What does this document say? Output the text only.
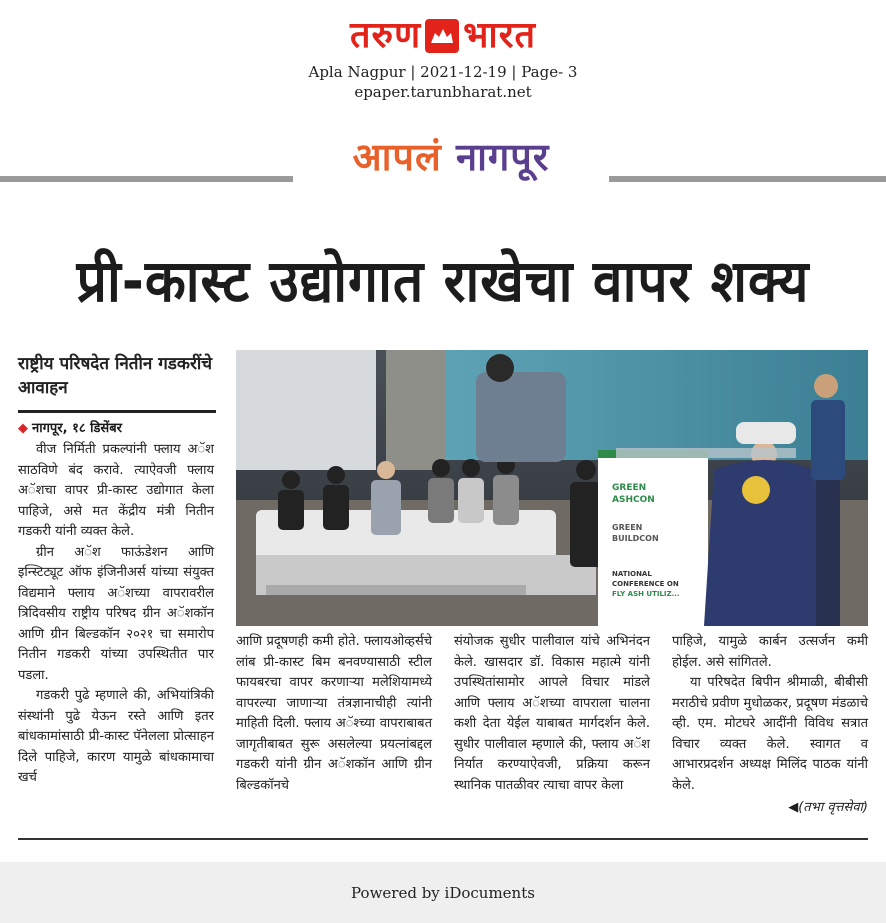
तरुण भारत
Apla Nagpur | 2021-12-19 | Page- 3
epaper.tarunbharat.net
आपलं नागपूर
प्री-कास्ट उद्योगात राखेचा वापर शक्य
राष्ट्रीय परिषदेत नितीन गडकरींचे आवाहन
◆ नागपूर, १८ डिसेंबर

वीज निर्मिती प्रकल्पांनी फ्लाय अॅश साठविणे बंद करावे. त्याऐवजी फ्लाय अॅशचा वापर प्री-कास्ट उद्योगात केला पाहिजे, असे मत केंद्रीय मंत्री नितीन गडकरी यांनी व्यक्त केले.

ग्रीन अॅश फाऊंडेशन आणि इन्स्टिट्यूट ऑफ इंजिनीअर्स यांच्या संयुक्त विद्यमाने फ्लाय अॅशच्या वापरावरील त्रिदिवसीय राष्ट्रीय परिषद ग्रीन अॅशकॉन आणि ग्रीन बिल्डकॉन २०२१ चा समारोप नितीन गडकरी यांच्या उपस्थितीत पार पडला.

गडकरी पुढे म्हणाले की, अभियांत्रिकी संस्थांनी पुढे येऊन रस्ते आणि इतर बांधकामांसाठी प्री-कास्ट पॅनेलला प्रोत्साहन दिले पाहिजे, कारण यामुळे बांधकामाचा खर्च

GREEN
ASHCON
GREEN
BUILDCON
NATIONAL
CONFERENCE ON
FLY ASH UTILIZ...

आणि प्रदूषणही कमी होते. फ्लायओव्हर्सचे लांब प्री-कास्ट बिम बनवण्यासाठी स्टील फायबरचा वापर करणाऱ्या मलेशियामध्ये वापरल्या जाणाऱ्या तंत्रज्ञानाचीही त्यांनी माहिती दिली. फ्लाय अॅश्च्या वापराबाबत जागृतीबाबत सुरू असलेल्या प्रयत्नांबद्दल गडकरी यांनी ग्रीन अॅशकॉन आणि ग्रीन बिल्डकॉनचे

संयोजक सुधीर पालीवाल यांचे अभिनंदन केले. खासदार डॉ. विकास महात्मे यांनी उपस्थितांसामोर आपले विचार मांडले आणि फ्लाय अॅशच्या वापराला चालना कशी देता येईल याबाबत मार्गदर्शन केले. सुधीर पालीवाल म्हणाले की, फ्लाय अॅश निर्यात करण्याऐवजी, प्रक्रिया करून स्थानिक पातळीवर त्याचा वापर केला

पाहिजे, यामुळे कार्बन उत्सर्जन कमी होईल. असे सांगितले.

या परिषदेत बिपीन श्रीमाळी, बीबीसी मराठीचे प्रवीण मुधोळकर, प्रदूषण मंडळाचे व्ही. एम. मोटघरे आदींनी विविध सत्रात विचार व्यक्त केले. स्वागत व आभारप्रदर्शन अध्यक्ष मिलिंद पाठक यांनी केले.

◀(तभा वृत्तसेवा)
Powered by iDocuments
